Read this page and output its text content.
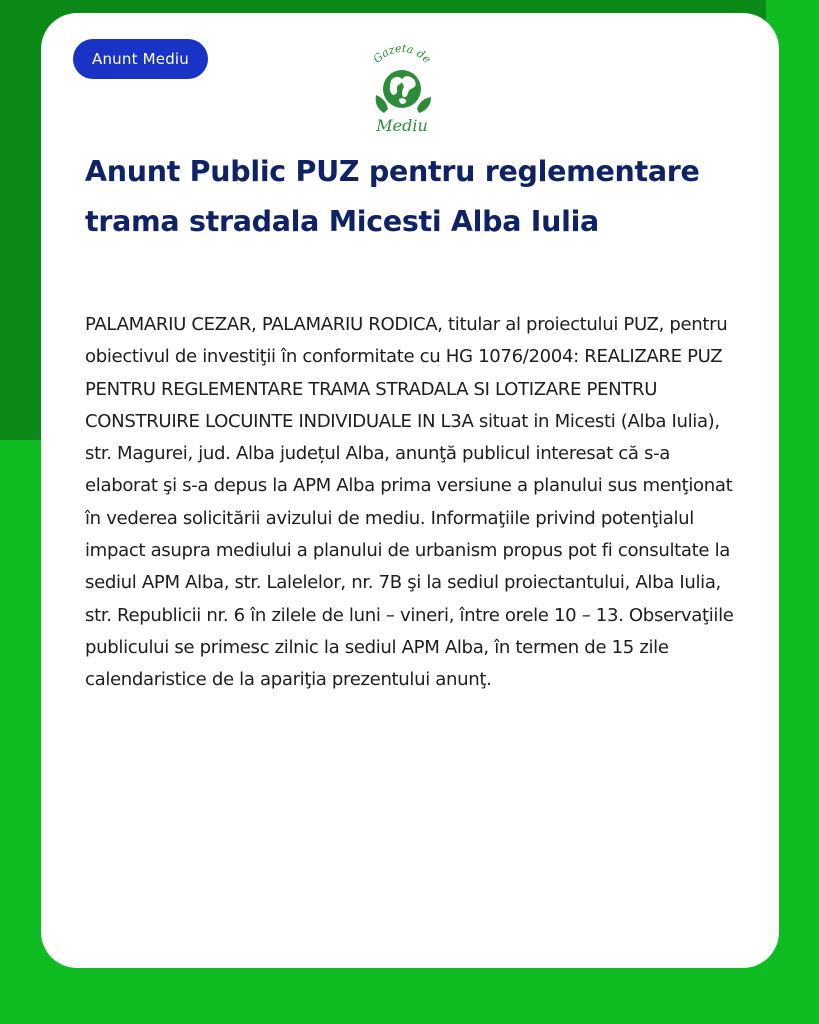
Anunt Mediu	Gazeta de
Mediu
Anunt Public PUZ pentru reglementare trama stradala Micesti Alba Iulia

PALAMARIU CEZAR, PALAMARIU RODICA, titular al proiectului PUZ, pentru obiectivul de investiţii în conformitate cu HG 1076/2004: REALIZARE PUZ PENTRU REGLEMENTARE TRAMA STRADALA SI LOTIZARE PENTRU CONSTRUIRE LOCUINTE INDIVIDUALE IN L3A situat in Micesti (Alba Iulia), str. Magurei, jud. Alba județul Alba, anunţă publicul interesat că s-a elaborat şi s-a depus la APM Alba prima versiune a planului sus menţionat în vederea solicitării avizului de mediu. Informaţiile privind potenţialul impact asupra mediului a planului de urbanism propus pot fi consultate la sediul APM Alba, str. Lalelelor, nr. 7B şi la sediul proiectantului, Alba Iulia, str. Republicii nr. 6 în zilele de luni – vineri, între orele 10 – 13. Observaţiile publicului se primesc zilnic la sediul APM Alba, în termen de 15 zile calendaristice de la apariţia prezentului anunţ.
